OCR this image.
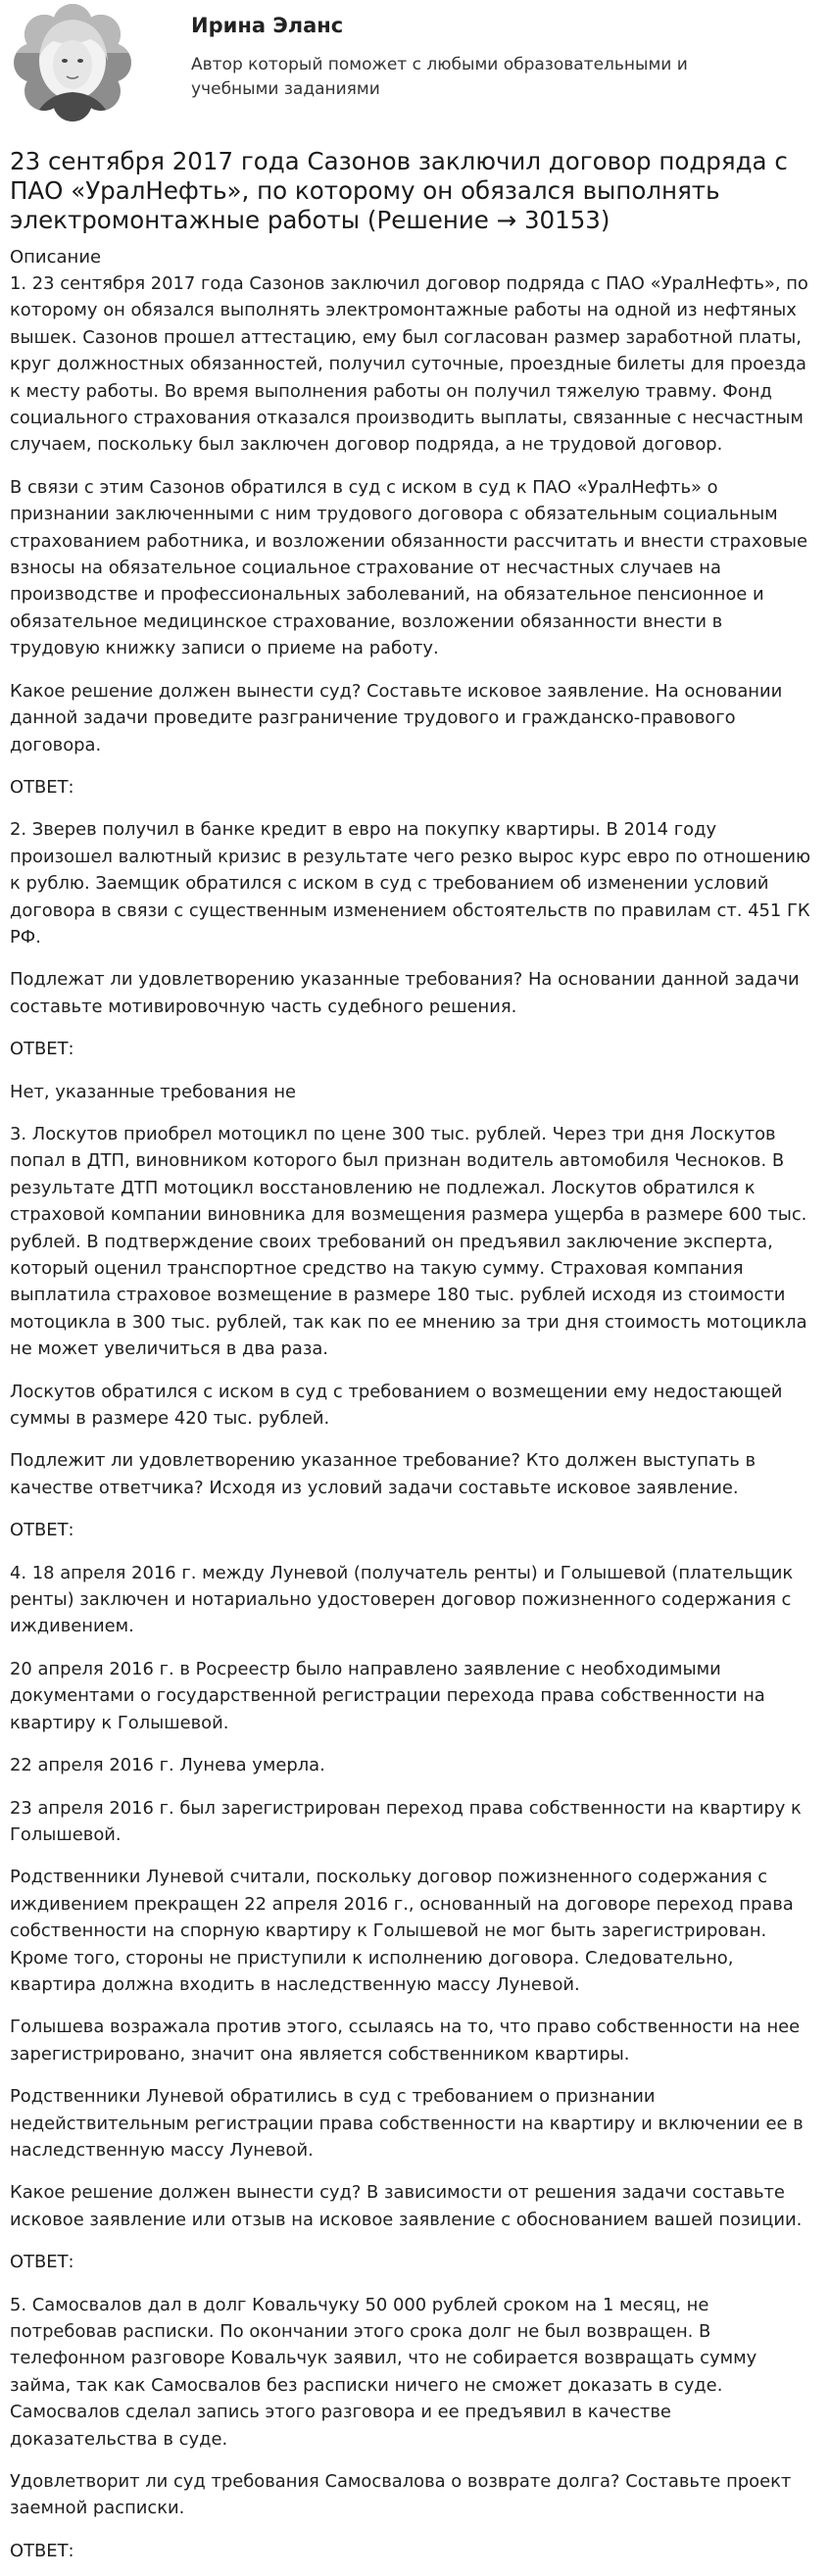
Ирина Эланс
Автор который поможет с любыми образовательными и учебными заданиями
23 сентября 2017 года Сазонов заключил договор подряда с ПАО «УралНефть», по которому он обязался выполнять электромонтажные работы (Решение → 30153)
Описание

1. 23 сентября 2017 года Сазонов заключил договор подряда с ПАО «УралНефть», по которому он обязался выполнять электромонтажные работы на одной из нефтяных вышек. Сазонов прошел аттестацию, ему был согласован размер заработной платы, круг должностных обязанностей, получил суточные, проездные билеты для проезда к месту работы. Во время выполнения работы он получил тяжелую травму. Фонд социального страхования отказался производить выплаты, связанные с несчастным случаем, поскольку был заключен договор подряда, а не трудовой договор.

В связи с этим Сазонов обратился в суд с иском в суд к ПАО «УралНефть» о признании заключенными с ним трудового договора с обязательным социальным страхованием работника, и возложении обязанности рассчитать и внести страховые взносы на обязательное социальное страхование от несчастных случаев на производстве и профессиональных заболеваний, на обязательное пенсионное и обязательное медицинское страхование, возложении обязанности внести в трудовую книжку записи о приеме на работу.

Какое решение должен вынести суд? Составьте исковое заявление. На основании данной задачи проведите разграничение трудового и гражданско-правового договора.

ОТВЕТ:

2. Зверев получил в банке кредит в евро на покупку квартиры. В 2014 году произошел валютный кризис в результате чего резко вырос курс евро по отношению к рублю. Заемщик обратился с иском в суд с требованием об изменении условий договора в связи с существенным изменением обстоятельств по правилам ст. 451 ГК РФ.

Подлежат ли удовлетворению указанные требования? На основании данной задачи составьте мотивировочную часть судебного решения.

ОТВЕТ:

Нет, указанные требования не

3. Лоскутов приобрел мотоцикл по цене 300 тыс. рублей. Через три дня Лоскутов попал в ДТП, виновником которого был признан водитель автомобиля Чесноков. В результате ДТП мотоцикл восстановлению не подлежал. Лоскутов обратился к страховой компании виновника для возмещения размера ущерба в размере 600 тыс. рублей. В подтверждение своих требований он предъявил заключение эксперта, который оценил транспортное средство на такую сумму. Страховая компания выплатила страховое возмещение в размере 180 тыс. рублей исходя из стоимости мотоцикла в 300 тыс. рублей, так как по ее мнению за три дня стоимость мотоцикла не может увеличиться в два раза.

Лоскутов обратился с иском в суд с требованием о возмещении ему недостающей суммы в размере 420 тыс. рублей.

Подлежит ли удовлетворению указанное требование? Кто должен выступать в качестве ответчика? Исходя из условий задачи составьте исковое заявление.

ОТВЕТ:

4. 18 апреля 2016 г. между Луневой (получатель ренты) и Голышевой (плательщик ренты) заключен и нотариально удостоверен договор пожизненного содержания с иждивением.

20 апреля 2016 г. в Росреестр было направлено заявление с необходимыми документами о государственной регистрации перехода права собственности на квартиру к Голышевой.

22 апреля 2016 г. Лунева умерла.

23 апреля 2016 г. был зарегистрирован переход права собственности на квартиру к Голышевой.

Родственники Луневой считали, поскольку договор пожизненного содержания с иждивением прекращен 22 апреля 2016 г., основанный на договоре переход права собственности на спорную квартиру к Голышевой не мог быть зарегистрирован. Кроме того, стороны не приступили к исполнению договора. Следовательно, квартира должна входить в наследственную массу Луневой.

Голышева возражала против этого, ссылаясь на то, что право собственности на нее зарегистрировано, значит она является собственником квартиры.

Родственники Луневой обратились в суд с требованием о признании недействительным регистрации права собственности на квартиру и включении ее в наследственную массу Луневой.

Какое решение должен вынести суд? В зависимости от решения задачи составьте исковое заявление или отзыв на исковое заявление с обоснованием вашей позиции.

ОТВЕТ:

5. Самосвалов дал в долг Ковальчуку 50 000 рублей сроком на 1 месяц, не потребовав расписки. По окончании этого срока долг не был возвращен. В телефонном разговоре Ковальчук заявил, что не собирается возвращать сумму займа, так как Самосвалов без расписки ничего не сможет доказать в суде. Самосвалов сделал запись этого разговора и ее предъявил в качестве доказательства в суде.

Удовлетворит ли суд требования Самосвалова о возврате долга? Составьте проект заемной расписки.

ОТВЕТ:
